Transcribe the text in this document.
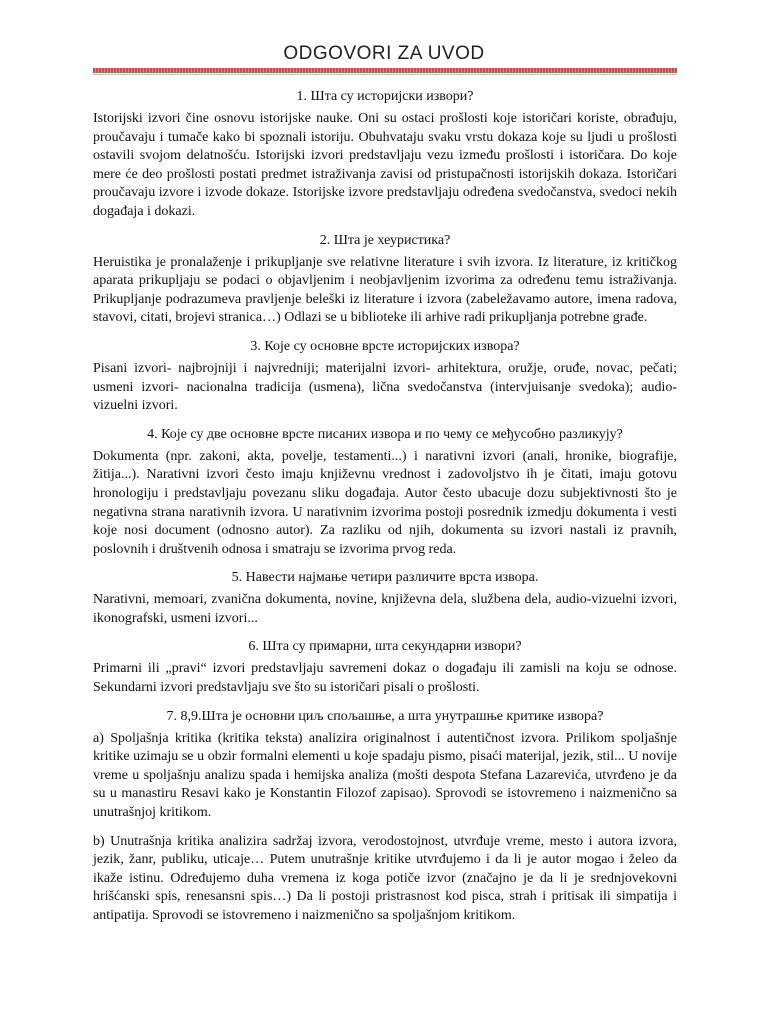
ODGOVORI ZA UVOD
1. Шта су историјски извори?
Istorijski izvori čine osnovu istorijske nauke. Oni su ostaci prošlosti koje istoričari koriste, obrađuju, proučavaju i tumače kako bi spoznali istoriju. Obuhvataju svaku vrstu dokaza koje su ljudi u prošlosti ostavili svojom delatnošću. Istorijski izvori predstavljaju vezu između prošlosti i istoričara. Do koje mere će deo prošlosti postati predmet istraživanja zavisi od pristupačnosti istorijskih dokaza. Istoričari proučavaju izvore i izvode dokaze. Istorijske izvore predstavljaju određena svedočanstva, svedoci nekih događaja i dokazi.
2. Шта је хеуристика?
Heruistika je pronalaženje i prikupljanje sve relativne literature i svih izvora. Iz literature, iz kritičkog aparata prikupljaju se podaci o objavljenim i neobjavljenim izvorima za određenu temu istraživanja. Prikupljanje podrazumeva pravljenje beleški iz literature i izvora (zabeležavamo autore, imena radova, stavovi, citati, brojevi stranica…) Odlazi se u biblioteke ili arhive radi prikupljanja potrebne građe.
3. Које су основне врсте историјских извора?
Pisani izvori- najbrojniji i najvredniji; materijalni izvori- arhitektura, oružje, oruđe, novac, pečati; usmeni izvori- nacionalna tradicija (usmena), lična svedočanstva (intervjuisanje svedoka); audio-vizuelni izvori.
4. Које су две основне врсте писаних извора и по чему се међусобно разликују?
Dokumenta (npr. zakoni, akta, povelje, testamenti...) i narativni izvori (anali, hronike, biografije, žitija...). Narativni izvori često imaju književnu vrednost i zadovoljstvo ih je čitati, imaju gotovu hronologiju i predstavljaju povezanu sliku događaja. Autor često ubacuje dozu subjektivnosti što je negativna strana narativnih izvora. U narativnim izvorima postoji posrednik izmedju dokumenta i vesti koje nosi document (odnosno autor). Za razliku od njih, dokumenta su izvori nastali iz pravnih, poslovnih i društvenih odnosa i smatraju se izvorima prvog reda.
5. Навести најмање четири различите врста извора.
Narativni, memoari, zvanična dokumenta, novine, književna dela, službena dela, audio-vizuelni izvori, ikonografski, usmeni izvori...
6. Шта су примарни, шта секундарни извори?
Primarni ili „pravi“ izvori predstavljaju savremeni dokaz o događaju ili zamisli na koju se odnose. Sekundarni izvori predstavljaju sve što su istoričari pisali o prošlosti.
7. 8,9.Шта је основни циљ спољашње, а шта унутрашње критике извора?
a) Spoljašnja kritika (kritika teksta) analizira originalnost i autentičnost izvora. Prilikom spoljašnje kritike uzimaju se u obzir formalni elementi u koje spadaju pismo, pisaći materijal, jezik, stil... U novije vreme u spoljašnju analizu spada i hemijska analiza (mošti despota Stefana Lazarevića, utvrđeno je da su u manastiru Resavi kako je Konstantin Filozof zapisao). Sprovodi se istovremeno i naizmenično sa unutrašnjoj kritikom.
b) Unutrašnja kritika analizira sadržaj izvora, verodostojnost, utvrđuje vreme, mesto i autora izvora, jezik, žanr, publiku, uticaje… Putem unutrašnje kritike utvrđujemo i da li je autor mogao i želeo da ikaže istinu. Određujemo duha vremena iz koga potiče izvor (značajno je da li je srednjovekovni hrišćanski spis, renesansni spis…) Da li postoji pristrasnost kod pisca, strah i pritisak ili simpatija i antipatija. Sprovodi se istovremeno i naizmenično sa spoljašnjom kritikom.
